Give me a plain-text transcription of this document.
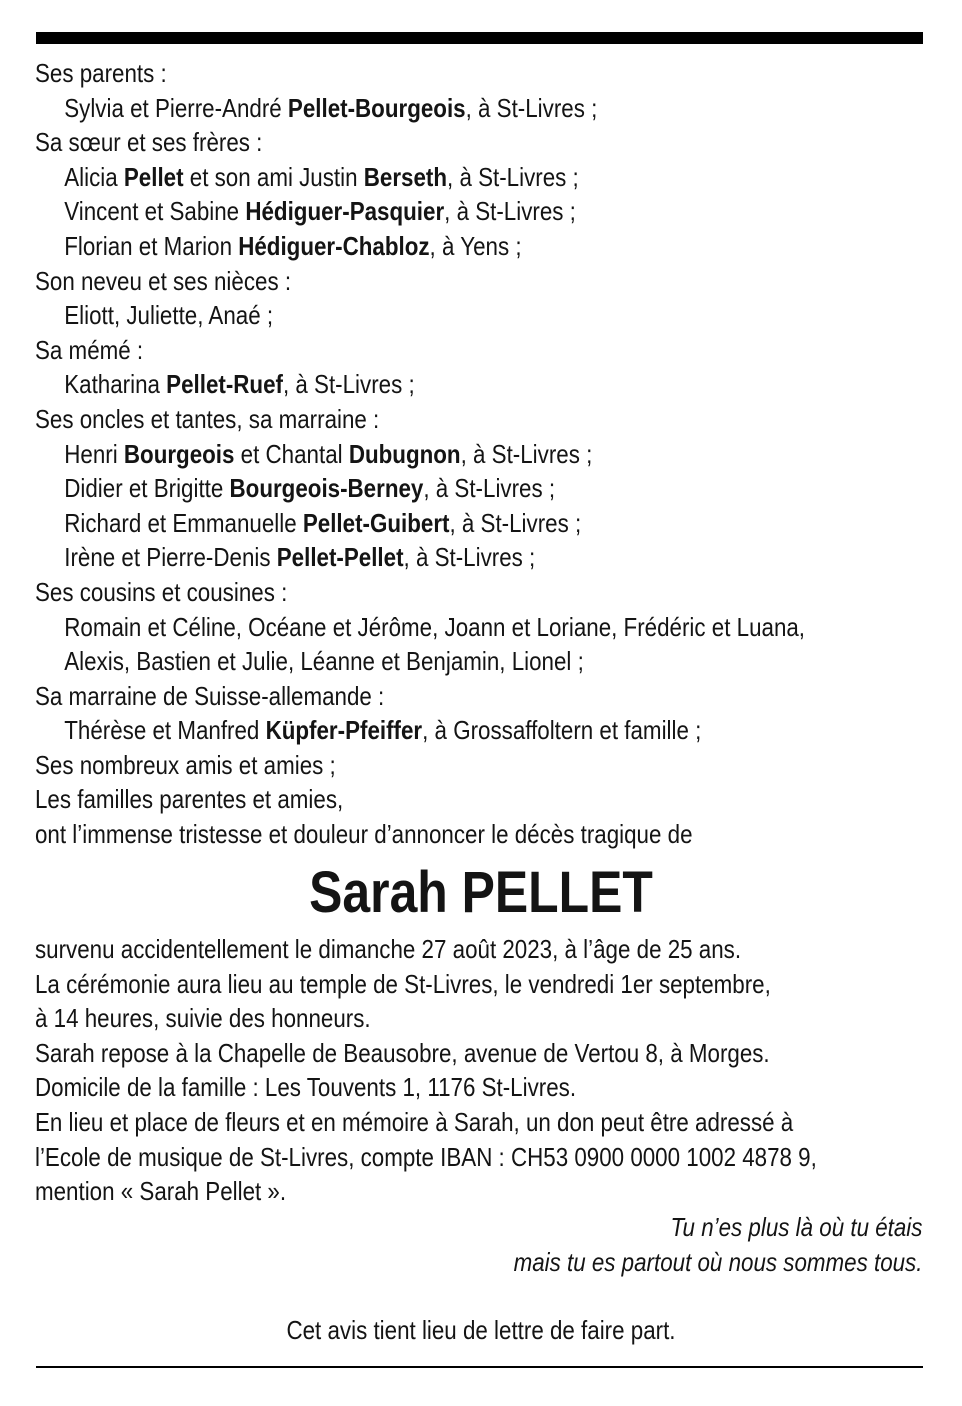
Ses parents :
Sylvia et Pierre-André Pellet-Bourgeois, à St-Livres ;
Sa sœur et ses frères :
Alicia Pellet et son ami Justin Berseth, à St-Livres ;
Vincent et Sabine Hédiguer-Pasquier, à St-Livres ;
Florian et Marion Hédiguer-Chabloz, à Yens ;
Son neveu et ses nièces :
Eliott, Juliette, Anaé ;
Sa mémé :
Katharina Pellet-Ruef, à St-Livres ;
Ses oncles et tantes, sa marraine :
Henri Bourgeois et Chantal Dubugnon, à St-Livres ;
Didier et Brigitte Bourgeois-Berney, à St-Livres ;
Richard et Emmanuelle Pellet-Guibert, à St-Livres ;
Irène et Pierre-Denis Pellet-Pellet, à St-Livres ;
Ses cousins et cousines :
Romain et Céline, Océane et Jérôme, Joann et Loriane, Frédéric et Luana,
Alexis, Bastien et Julie, Léanne et Benjamin, Lionel ;
Sa marraine de Suisse-allemande :
Thérèse et Manfred Küpfer-Pfeiffer, à Grossaffoltern et famille ;
Ses nombreux amis et amies ;
Les familles parentes et amies,
ont l’immense tristesse et douleur d’annoncer le décès tragique de
Sarah PELLET
survenu accidentellement le dimanche 27 août 2023, à l’âge de 25 ans.
La cérémonie aura lieu au temple de St-Livres, le vendredi 1er septembre,
à 14 heures, suivie des honneurs.
Sarah repose à la Chapelle de Beausobre, avenue de Vertou 8, à Morges.
Domicile de la famille : Les Touvents 1, 1176 St-Livres.
En lieu et place de fleurs et en mémoire à Sarah, un don peut être adressé à
l’Ecole de musique de St-Livres, compte IBAN : CH53 0900 0000 1002 4878 9,
mention « Sarah Pellet ».
Tu n’es plus là où tu étais
mais tu es partout où nous sommes tous.
Cet avis tient lieu de lettre de faire part.
